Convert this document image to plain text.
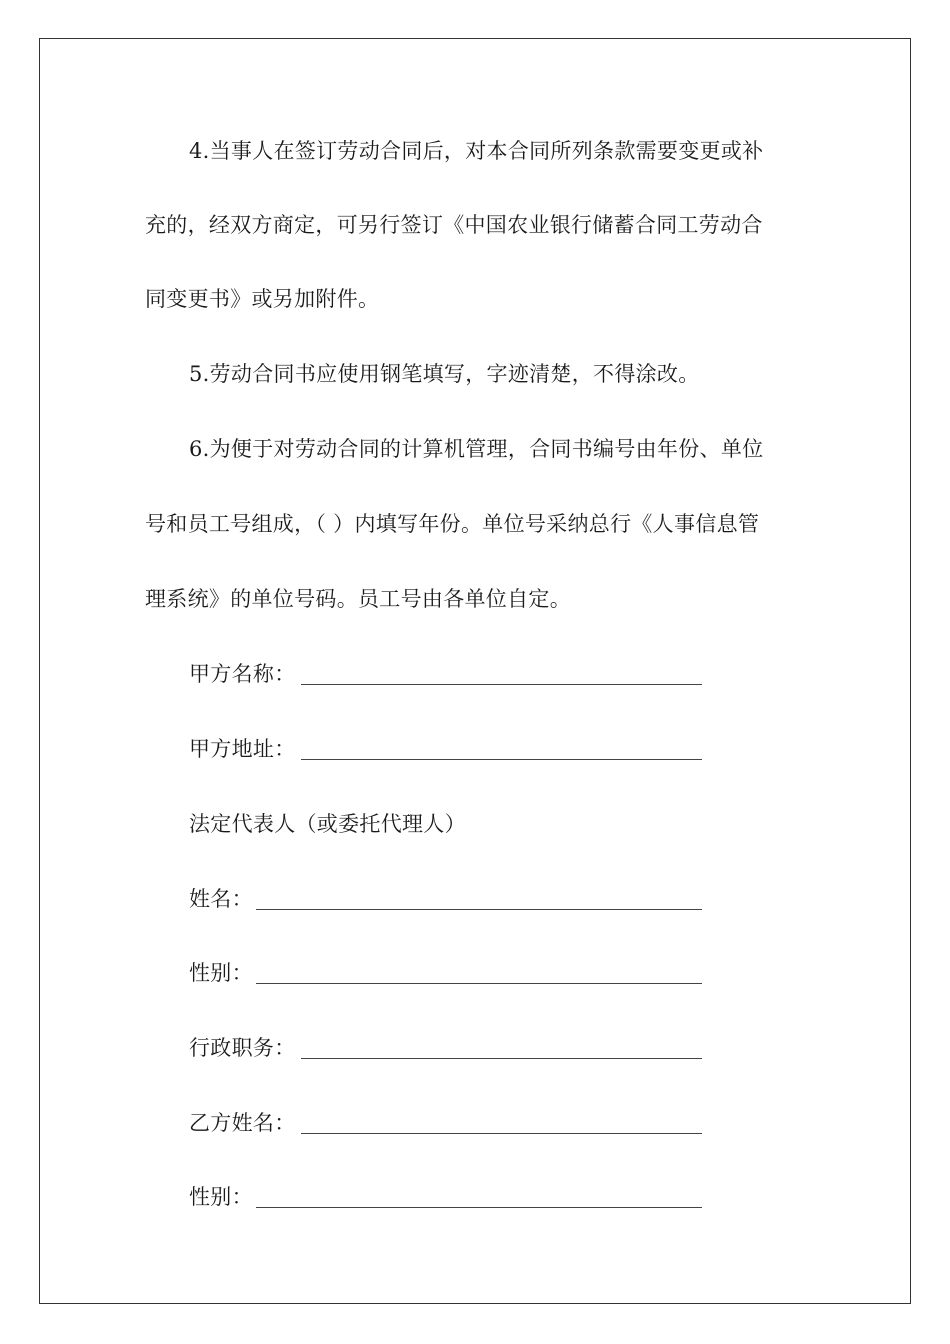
4.当事人在签订劳动合同后，对本合同所列条款需要变更或补
充的，经双方商定，可另行签订《中国农业银行储蓄合同工劳动合
同变更书》或另加附件。
5.劳动合同书应使用钢笔填写，字迹清楚，不得涂改。
6.为便于对劳动合同的计算机管理，合同书编号由年份、单位
号和员工号组成，（ ）内填写年份。单位号采纳总行《人事信息管
理系统》的单位号码。员工号由各单位自定。
甲方名称：
甲方地址：
法定代表人（或委托代理人）
姓名：
性别：
行政职务：
乙方姓名：
性别：
